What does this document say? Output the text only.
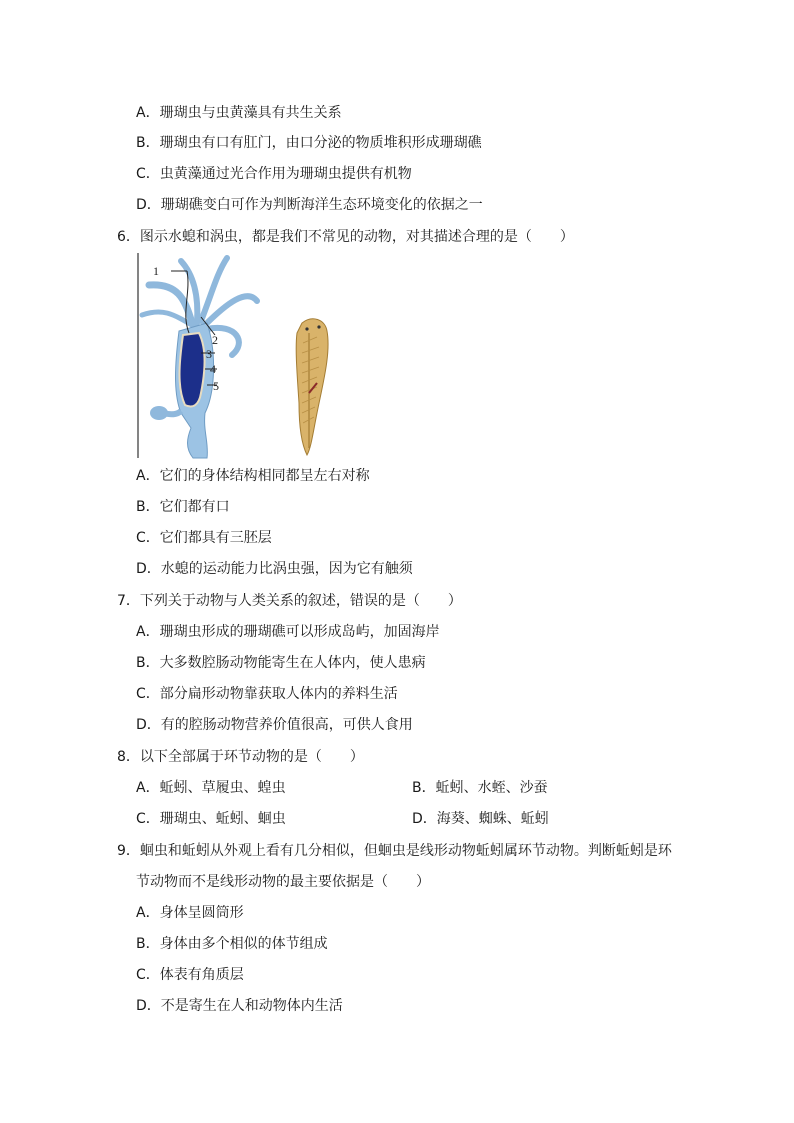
A．珊瑚虫与虫黄藻具有共生关系
B．珊瑚虫有口有肛门，由口分泌的物质堆积形成珊瑚礁
C．虫黄藻通过光合作用为珊瑚虫提供有机物
D．珊瑚礁变白可作为判断海洋生态环境变化的依据之一
6．图示水螅和涡虫，都是我们不常见的动物，对其描述合理的是（　　）
1
2
3
4
5
A．它们的身体结构相同都呈左右对称
B．它们都有口
C．它们都具有三胚层
D．水螅的运动能力比涡虫强，因为它有触须
7．下列关于动物与人类关系的叙述，错误的是（　　）
A．珊瑚虫形成的珊瑚礁可以形成岛屿，加固海岸
B．大多数腔肠动物能寄生在人体内，使人患病
C．部分扁形动物靠获取人体内的养料生活
D．有的腔肠动物营养价值很高，可供人食用
8．以下全部属于环节动物的是（　　）
A．蚯蚓、草履虫、蝗虫	B．蚯蚓、水蛭、沙蚕
C．珊瑚虫、蚯蚓、蛔虫	D．海葵、蜘蛛、蚯蚓
9．蛔虫和蚯蚓从外观上看有几分相似，但蛔虫是线形动物蚯蚓属环节动物。判断蚯蚓是环
节动物而不是线形动物的最主要依据是（　　）
A．身体呈圆筒形
B．身体由多个相似的体节组成
C．体表有角质层
D．不是寄生在人和动物体内生活
